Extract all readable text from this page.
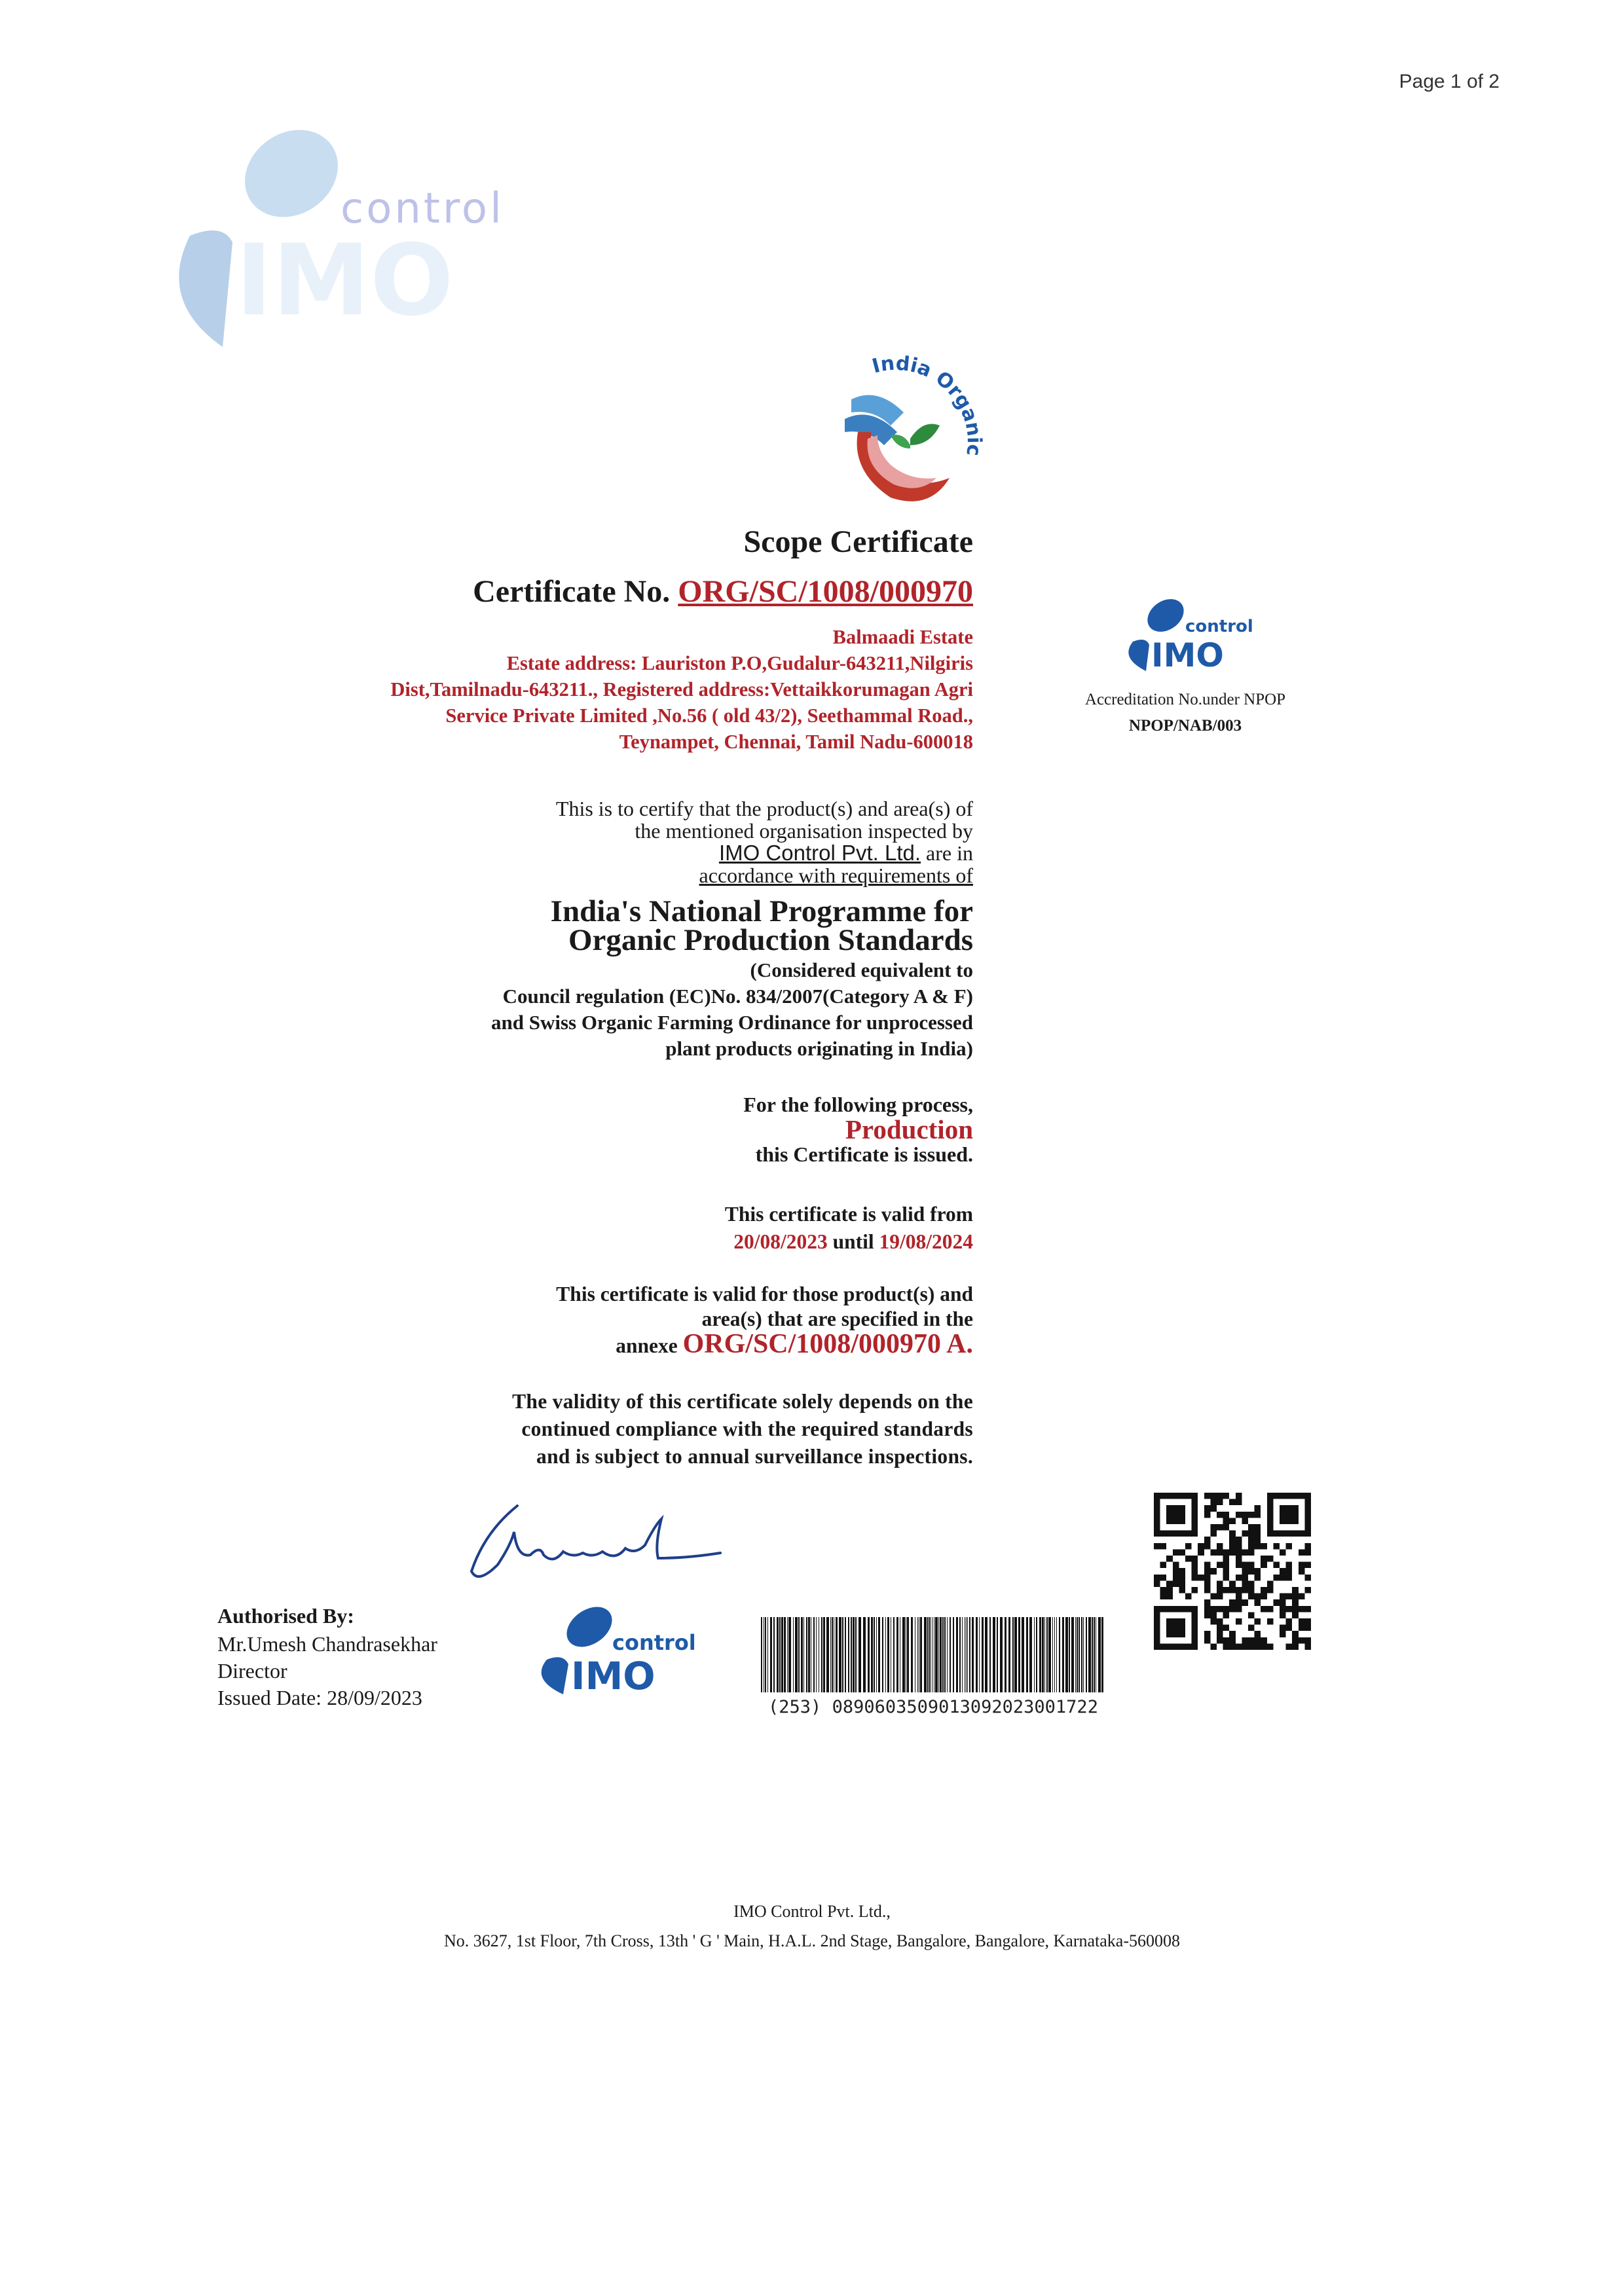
Page 1 of 2
control
IMO
India Organic
Scope Certificate
Certificate No. ORG/SC/1008/000970
Balmaadi Estate
Estate address: Lauriston P.O,Gudalur-643211,Nilgiris
Dist,Tamilnadu-643211., Registered address:Vettaikkorumagan Agri
Service Private Limited ,No.56 ( old 43/2), Seethammal Road.,
Teynampet, Chennai, Tamil Nadu-600018
control
IMO
Accreditation No.under NPOP
NPOP/NAB/003
This is to certify that the product(s) and area(s) of
the mentioned organisation inspected by
IMO Control Pvt. Ltd. are in
accordance with requirements of
India's National Programme for
Organic Production Standards
(Considered equivalent to
Council regulation (EC)No. 834/2007(Category A & F)
and Swiss Organic Farming Ordinance for unprocessed
plant products originating in India)
For the following process,
Production
this Certificate is issued.
This certificate is valid from
20/08/2023 until 19/08/2024
This certificate is valid for those product(s) and
area(s) that are specified in the
annexe ORG/SC/1008/000970 A.
The validity of this certificate solely depends on the
continued compliance with the required standards
and is subject to annual surveillance inspections.
Authorised By:
Mr.Umesh Chandrasekhar
Director
Issued Date: 28/09/2023
control
IMO
(253) 0890603509013092023001722
IMO Control Pvt. Ltd.,
No. 3627, 1st Floor, 7th Cross, 13th ' G ' Main, H.A.L. 2nd Stage, Bangalore, Bangalore, Karnataka-560008
